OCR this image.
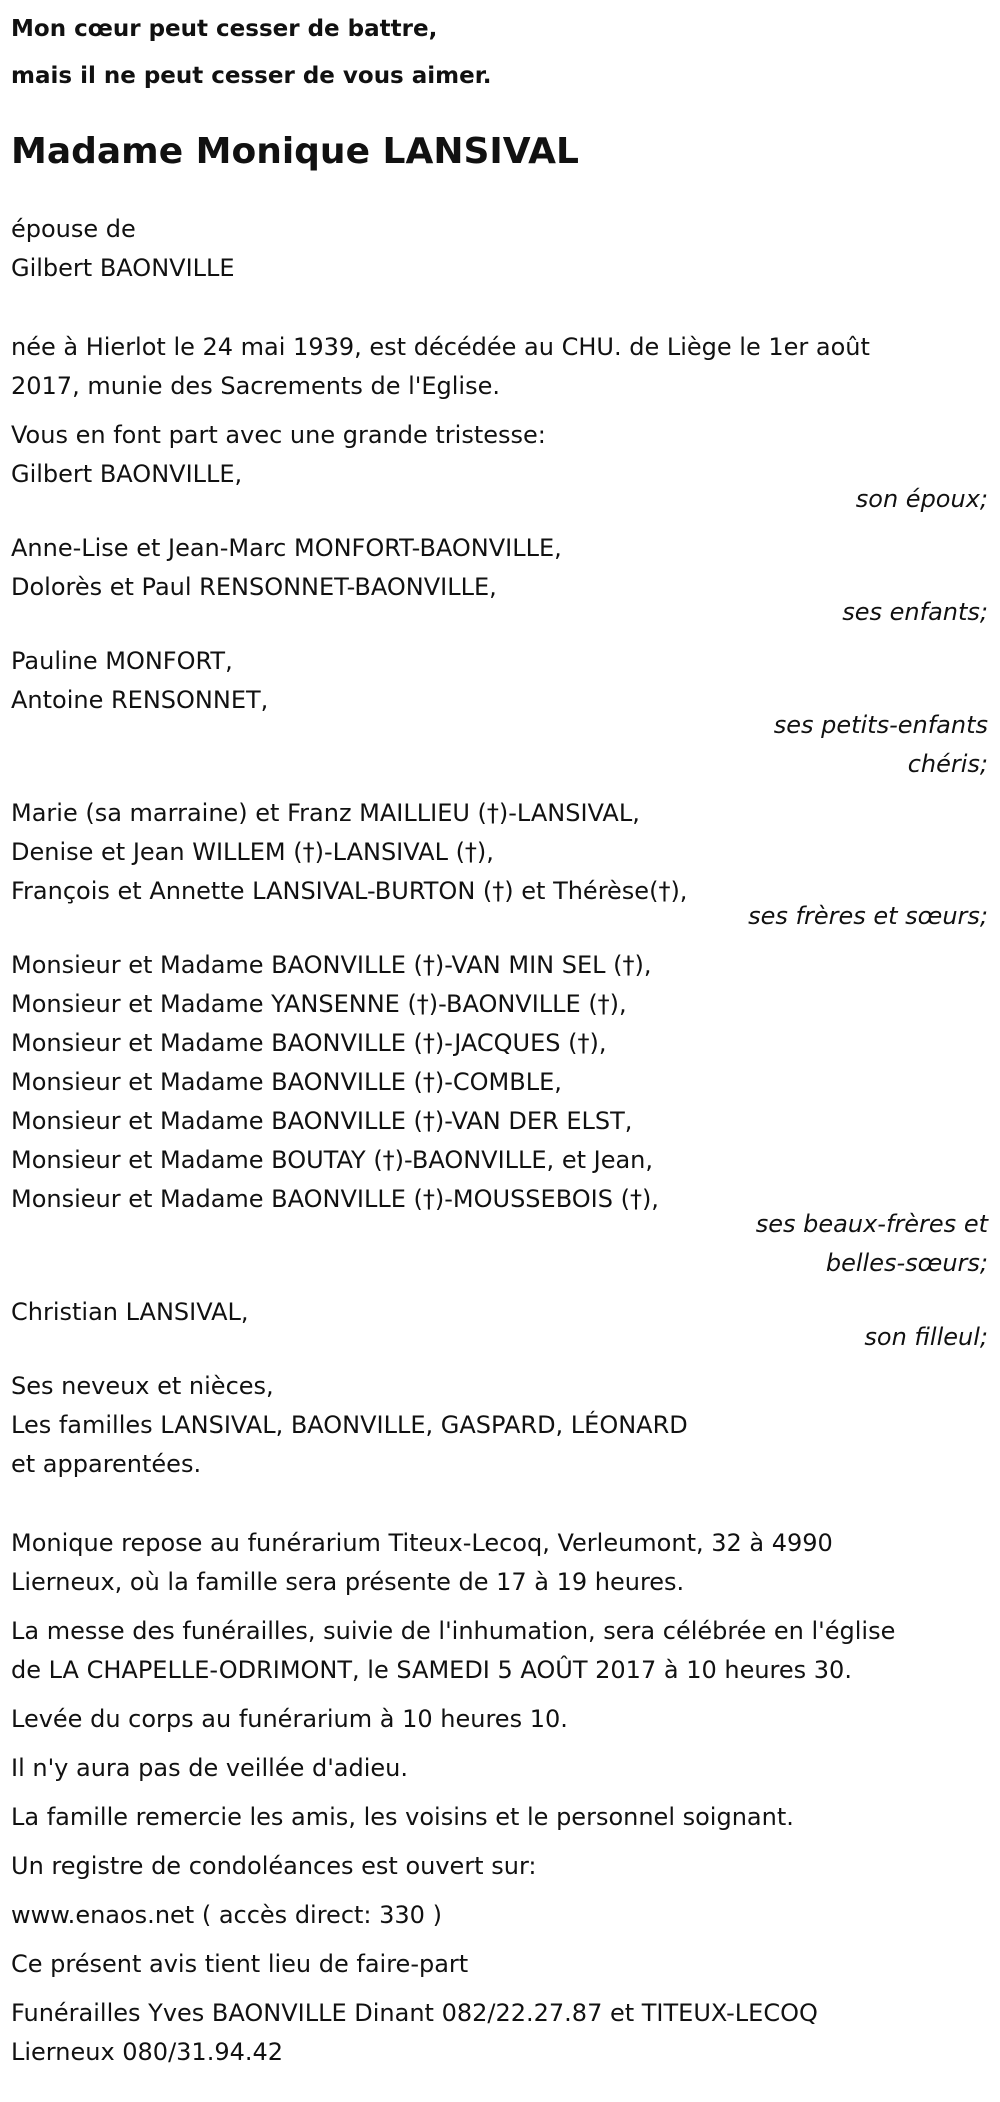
Mon cœur peut cesser de battre,

mais il ne peut cesser de vous aimer.

Madame Monique LANSIVAL
épouse de
Gilbert BAONVILLE
née à Hierlot le 24 mai 1939, est décédée au CHU. de Liège le 1er août
2017, munie des Sacrements de l'Eglise.
Vous en font part avec une grande tristesse:
Gilbert BAONVILLE,

son époux;

Anne-Lise et Jean-Marc MONFORT-BAONVILLE,
Dolorès et Paul RENSONNET-BAONVILLE,

ses enfants;

Pauline MONFORT,
Antoine RENSONNET,

ses petits-enfants

chéris;

Marie (sa marraine) et Franz MAILLIEU (†)-LANSIVAL,
Denise et Jean WILLEM (†)-LANSIVAL (†),
François et Annette LANSIVAL-BURTON (†) et Thérèse(†),

ses frères et sœurs;

Monsieur et Madame BAONVILLE (†)-VAN MIN SEL (†),
Monsieur et Madame YANSENNE (†)-BAONVILLE (†),
Monsieur et Madame BAONVILLE (†)-JACQUES (†),
Monsieur et Madame BAONVILLE (†)-COMBLE,
Monsieur et Madame BAONVILLE (†)-VAN DER ELST,
Monsieur et Madame BOUTAY (†)-BAONVILLE, et Jean,
Monsieur et Madame BAONVILLE (†)-MOUSSEBOIS (†),

ses beaux-frères et

belles-sœurs;

Christian LANSIVAL,

son filleul;

Ses neveux et nièces,
Les familles LANSIVAL, BAONVILLE, GASPARD, LÉONARD
et apparentées.
Monique repose au funérarium Titeux-Lecoq, Verleumont, 32 à 4990
Lierneux, où la famille sera présente de 17 à 19 heures.
La messe des funérailles, suivie de l'inhumation, sera célébrée en l'église
de LA CHAPELLE-ODRIMONT, le SAMEDI 5 AOÛT 2017 à 10 heures 30.
Levée du corps au funérarium à 10 heures 10.
Il n'y aura pas de veillée d'adieu.
La famille remercie les amis, les voisins et le personnel soignant.
Un registre de condoléances est ouvert sur:
www.enaos.net ( accès direct: 330 )
Ce présent avis tient lieu de faire-part
Funérailles Yves BAONVILLE Dinant 082/22.27.87 et TITEUX-LECOQ
Lierneux 080/31.94.42
